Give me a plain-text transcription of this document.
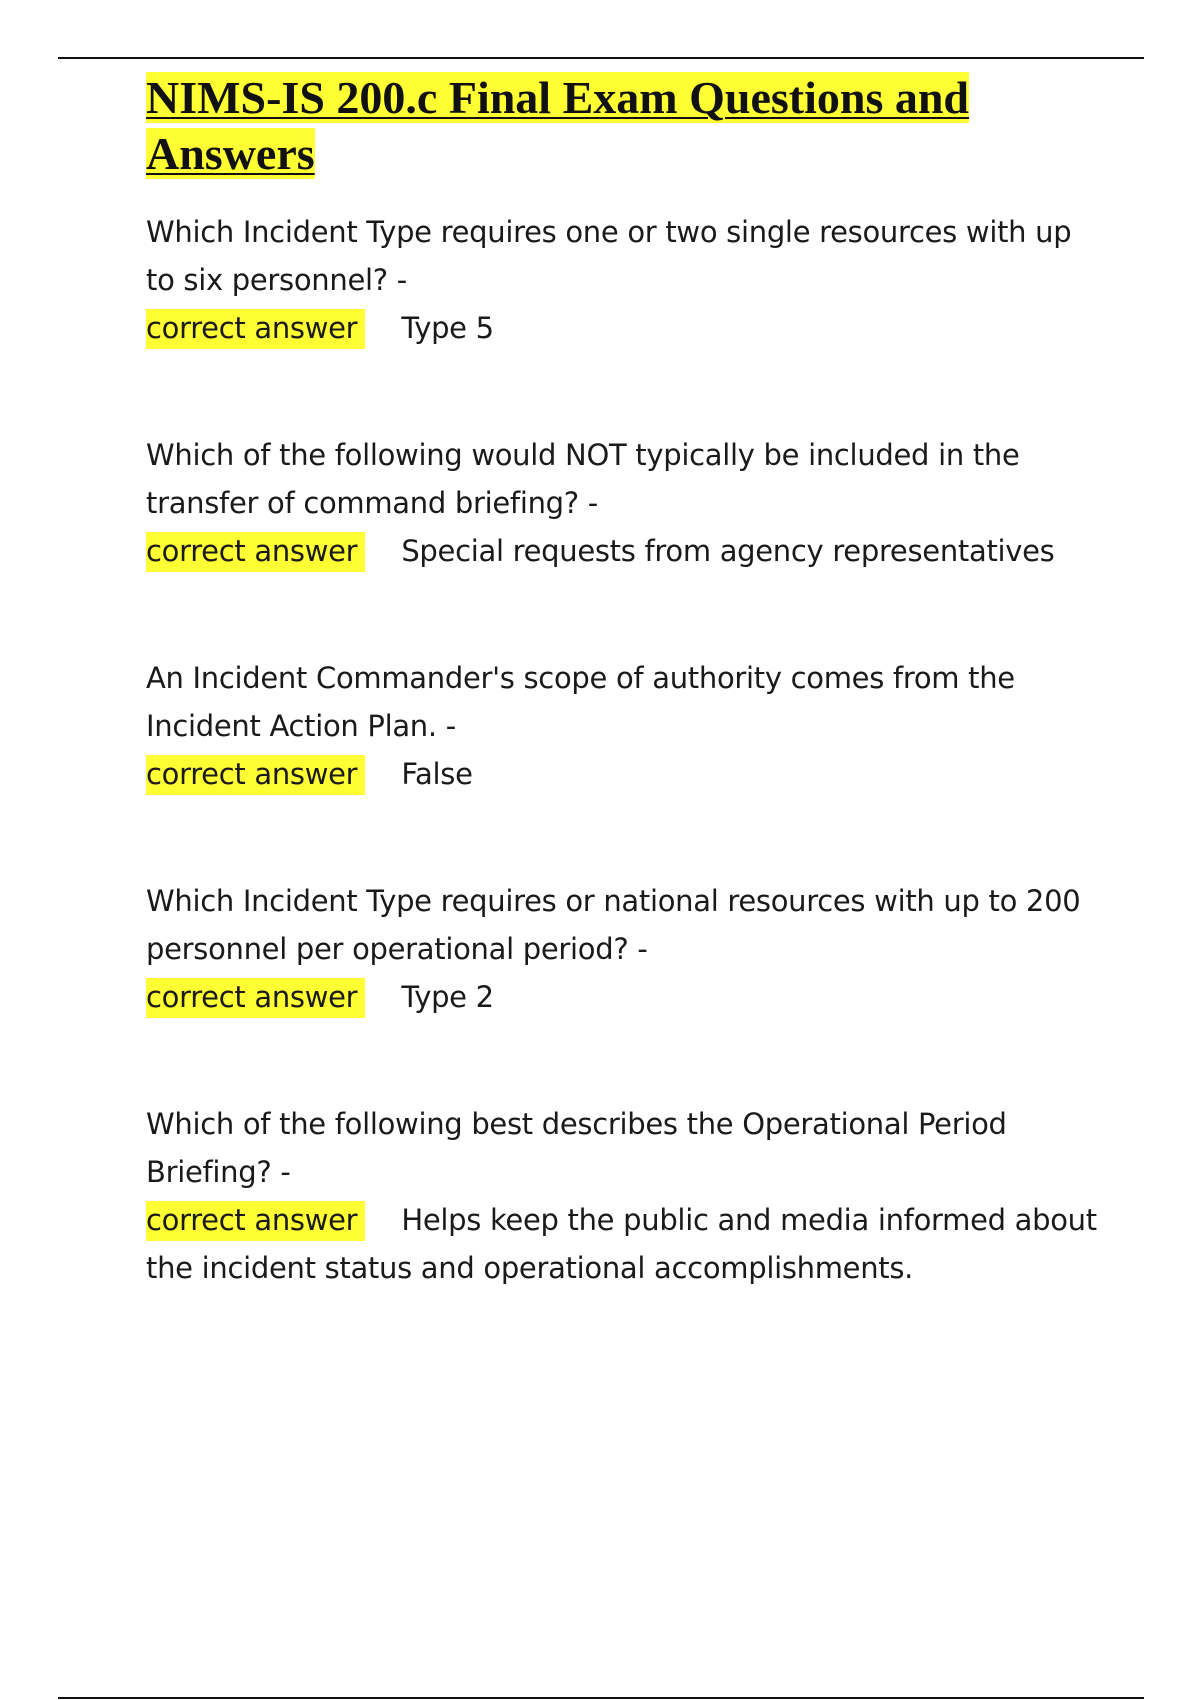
NIMS-IS 200.c Final Exam Questions and Answers

Which Incident Type requires one or two single resources with up to six personnel? -

correct answer Type 5

Which of the following would NOT typically be included in the transfer of command briefing? -

correct answer Special requests from agency representatives

An Incident Commander's scope of authority comes from the Incident Action Plan. -

correct answer False

Which Incident Type requires or national resources with up to 200 personnel per operational period? -

correct answer Type 2

Which of the following best describes the Operational Period Briefing? -

correct answer Helps keep the public and media informed about the incident status and operational accomplishments.
